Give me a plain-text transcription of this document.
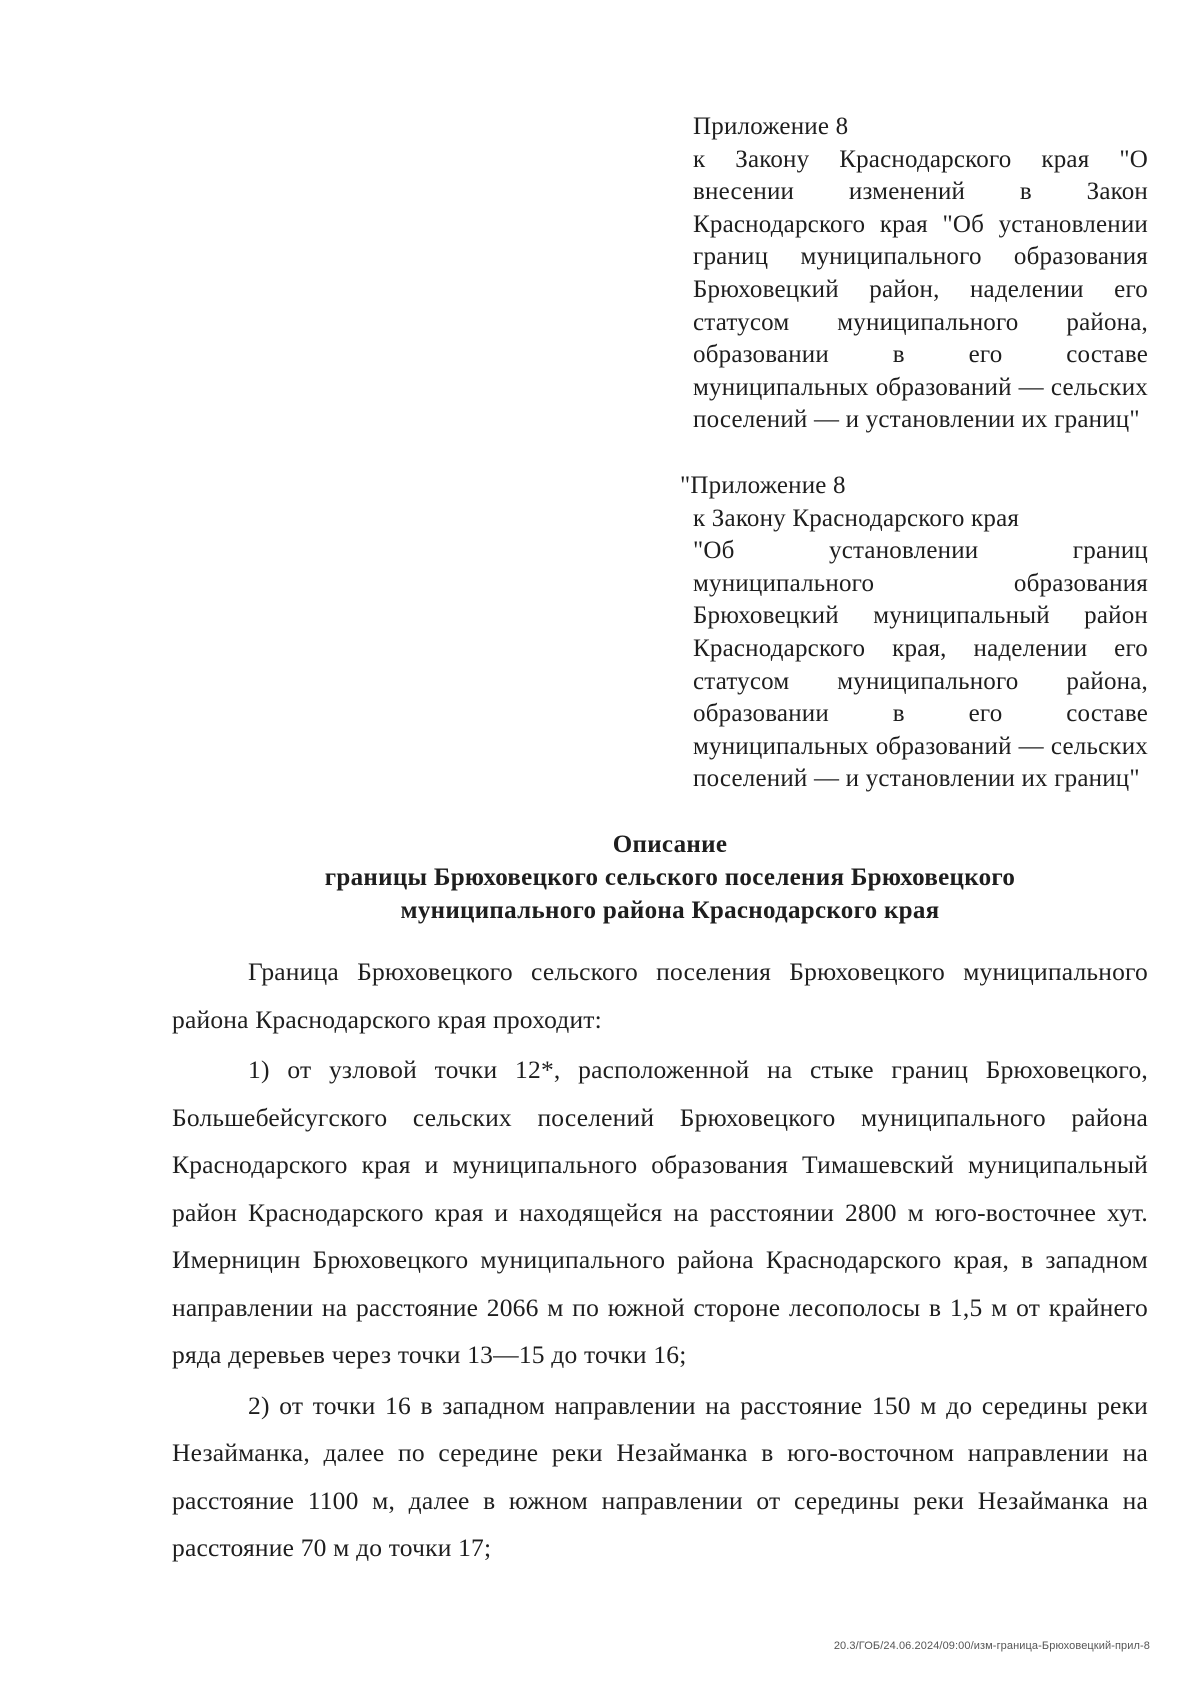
Приложение 8
к Закону Краснодарского края "О внесении изменений в Закон Краснодарского края "Об установлении границ муниципального образования Брюховецкий район, наделении его статусом муниципального района, образовании в его составе муниципальных образований — сельских поселений — и установлении их границ"
"Приложение 8
к Закону Краснодарского края
"Об установлении границ муниципального образования Брюховецкий муниципальный район Краснодарского края, наделении его статусом муниципального района, образовании в его составе муниципальных образований — сельских поселений — и установлении их границ"
Описание
границы Брюховецкого сельского поселения Брюховецкого
муниципального района Краснодарского края

Граница Брюховецкого сельского поселения Брюховецкого муниципального района Краснодарского края проходит:

1) от узловой точки 12*, расположенной на стыке границ Брюховецкого, Большебейсугского сельских поселений Брюховецкого муниципального района Краснодарского края и муниципального образования Тимашевский муниципальный район Краснодарского края и находящейся на расстоянии 2800 м юго-восточнее хут. Имерницин Брюховецкого муниципального района Краснодарского края, в западном направлении на расстояние 2066 м по южной стороне лесополосы в 1,5 м от крайнего ряда деревьев через точки 13—15 до точки 16;

2) от точки 16 в западном направлении на расстояние 150 м до середины реки Незайманка, далее по середине реки Незайманка в юго-восточном направлении на расстояние 1100 м, далее в южном направлении от середины реки Незайманка на расстояние 70 м до точки 17;

20.3/ГОБ/24.06.2024/09:00/изм-граница-Брюховецкий-прил-8
